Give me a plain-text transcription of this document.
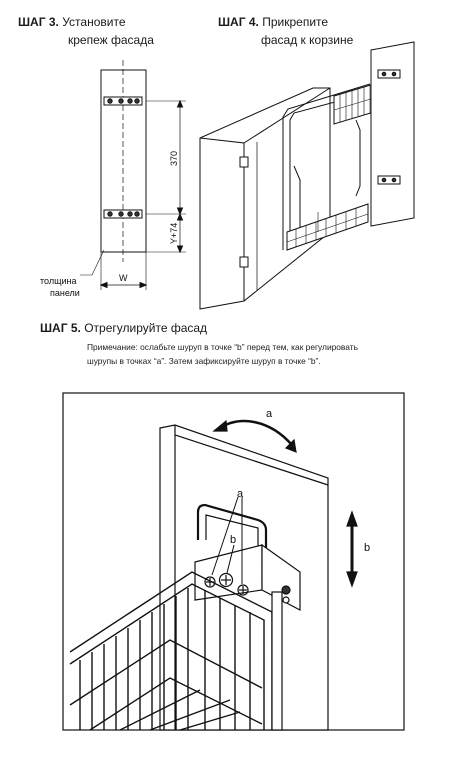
ШАГ 3. Установите
крепеж фасада
ШАГ 4. Прикрепите
фасад к корзине
ШАГ 5. Отрегулируйте фасад
Примечание: ослабьте шуруп в точке “b” перед тем, как регулировать
шурупы в точках “a”. Затем зафиксируйте шуруп в точке “b”.
370
Y+74
W
толщина
панели
a
a
b
b
